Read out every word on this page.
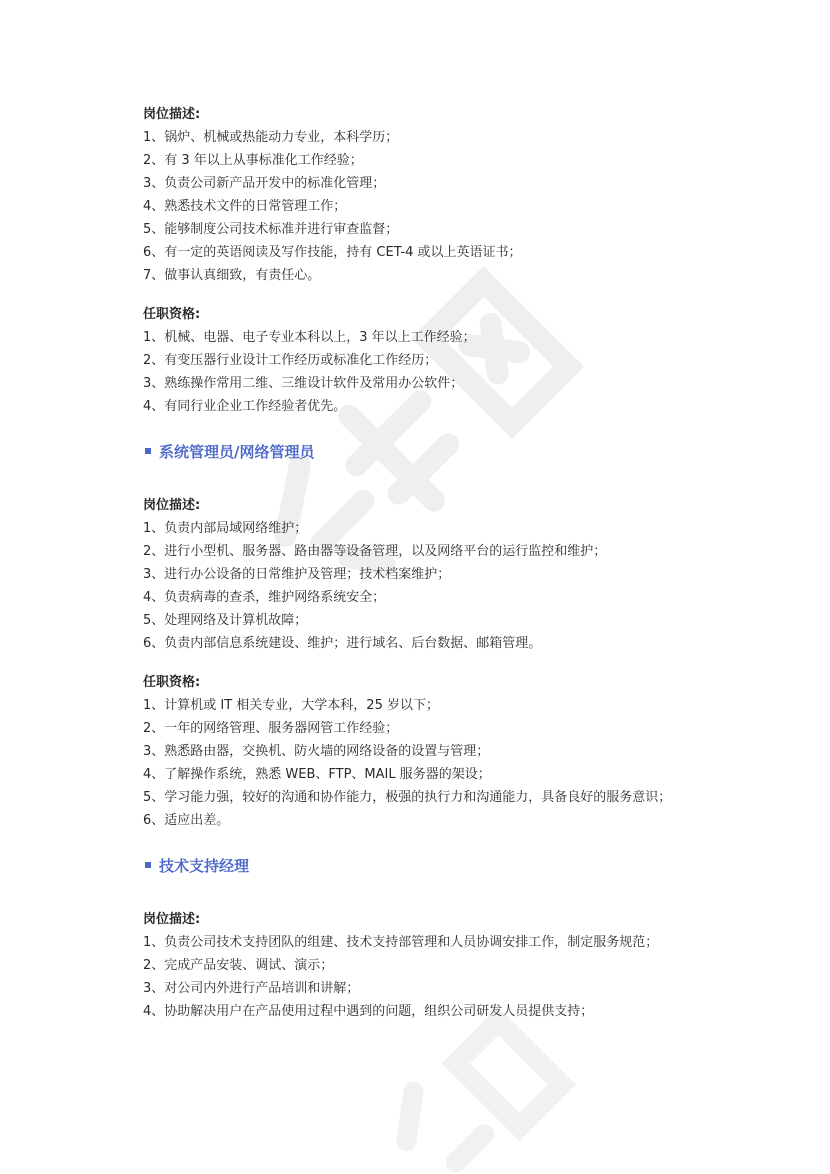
岗位描述:
1、锅炉、机械或热能动力专业，本科学历；
2、有 3 年以上从事标准化工作经验；
3、负责公司新产品开发中的标准化管理；
4、熟悉技术文件的日常管理工作；
5、能够制度公司技术标准并进行审查监督；
6、有一定的英语阅读及写作技能，持有 CET-4 或以上英语证书；
7、做事认真细致，有责任心。
任职资格:
1、机械、电器、电子专业本科以上，3 年以上工作经验；
2、有变压器行业设计工作经历或标准化工作经历；
3、熟练操作常用二维、三维设计软件及常用办公软件；
4、有同行业企业工作经验者优先。
系统管理员/网络管理员
岗位描述:
1、负责内部局域网络维护；
2、进行小型机、服务器、路由器等设备管理，以及网络平台的运行监控和维护；
3、进行办公设备的日常维护及管理；技术档案维护；
4、负责病毒的查杀，维护网络系统安全；
5、处理网络及计算机故障；
6、负责内部信息系统建设、维护；进行域名、后台数据、邮箱管理。
任职资格:
1、计算机或 IT 相关专业，大学本科，25 岁以下；
2、一年的网络管理、服务器网管工作经验；
3、熟悉路由器，交换机、防火墙的网络设备的设置与管理；
4、了解操作系统，熟悉 WEB、FTP、MAIL 服务器的架设；
5、学习能力强，较好的沟通和协作能力，极强的执行力和沟通能力，具备良好的服务意识；
6、适应出差。
技术支持经理
岗位描述:
1、负责公司技术支持团队的组建、技术支持部管理和人员协调安排工作，制定服务规范；
2、完成产品安装、调试、演示；
3、对公司内外进行产品培训和讲解；
4、协助解决用户在产品使用过程中遇到的问题，组织公司研发人员提供支持；
